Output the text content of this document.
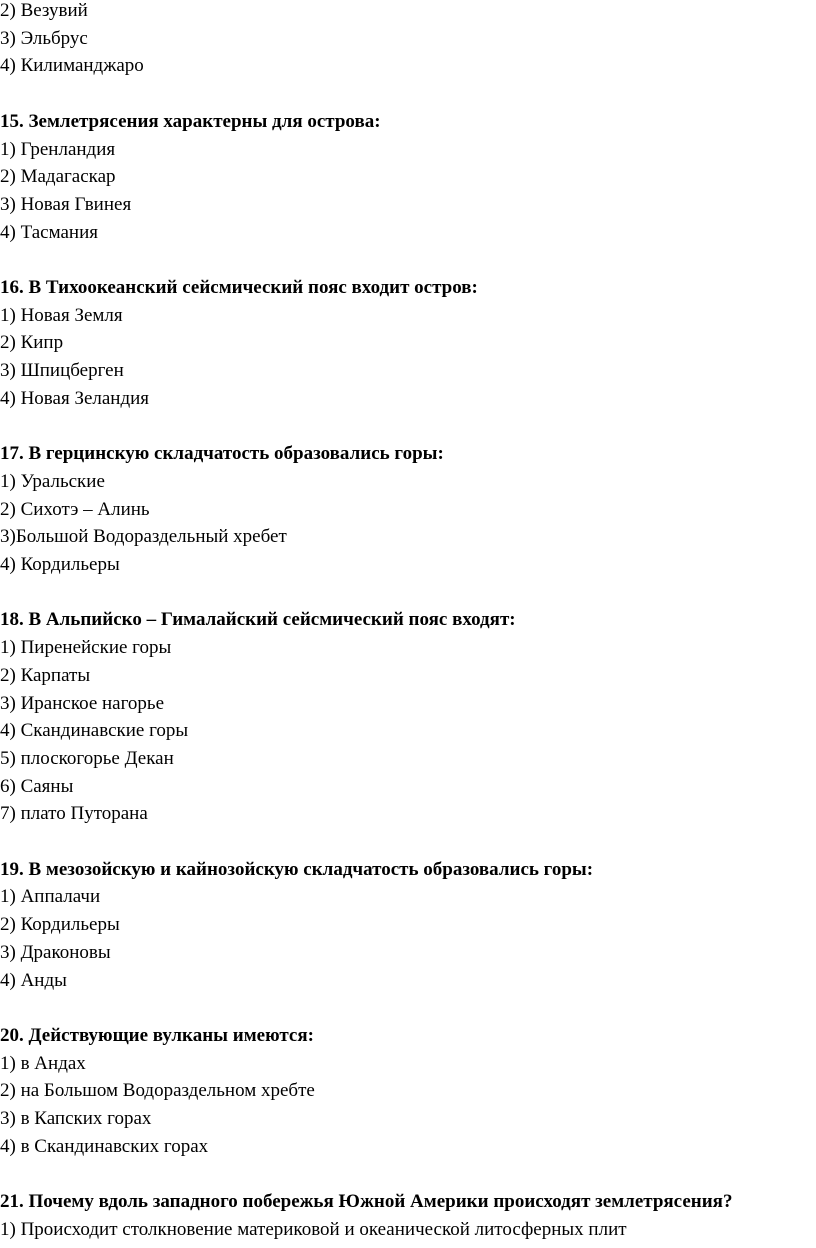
2) Везувий
3) Эльбрус
4) Килиманджаро
15. Землетрясения характерны для острова:
1) Гренландия
2) Мадагаскар
3) Новая Гвинея
4) Тасмания
16. В Тихоокеанский сейсмический пояс входит остров:
1) Новая Земля
2) Кипр
3) Шпицберген
4) Новая Зеландия
17. В герцинскую складчатость образовались горы:
1) Уральские
2) Сихотэ – Алинь
3)Большой Водораздельный хребет
4) Кордильеры
18. В Альпийско – Гималайский сейсмический пояс входят:
1) Пиренейские горы
2) Карпаты
3) Иранское нагорье
4) Скандинавские горы
5) плоскогорье Декан
6) Саяны
7) плато Путорана
19. В мезозойскую и кайнозойскую складчатость образовались горы:
1) Аппалачи
2) Кордильеры
3) Драконовы
4) Анды
20. Действующие вулканы имеются:
1) в Андах
2) на Большом Водораздельном хребте
3) в Капских горах
4) в Скандинавских горах
21. Почему вдоль западного побережья Южной Америки происходят землетрясения?
1) Происходит столкновение материковой и океанической литосферных плит
